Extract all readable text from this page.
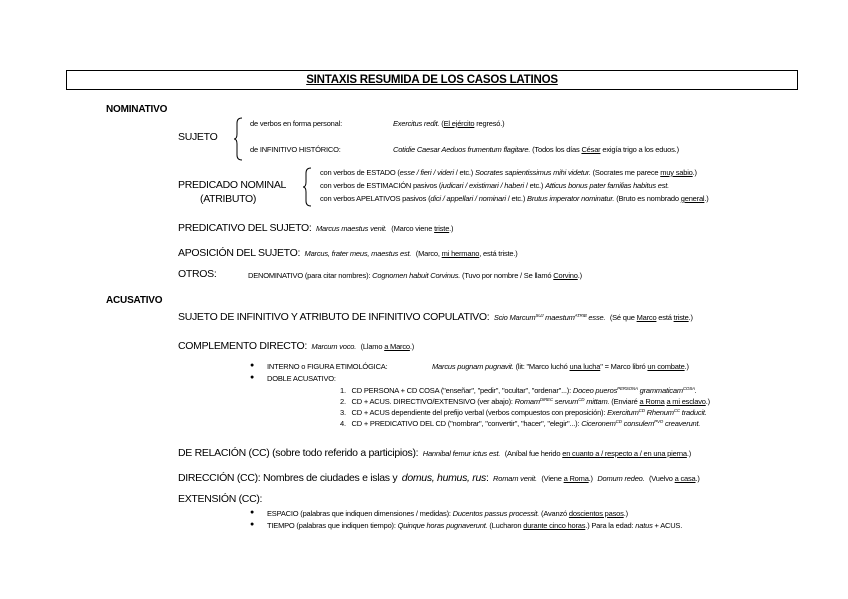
SINTAXIS RESUMIDA DE LOS CASOS LATINOS
NOMINATIVO
SUJETO
de verbos en forma personal:	Exercitus redit. (El ejército regresó.)
de INFINITIVO HISTÓRICO:	Cotidie Caesar Aeduos frumentum flagitare. (Todos los días César exigía trigo a los eduos.)
PREDICADO NOMINAL
(ATRIBUTO)
con verbos de ESTADO (esse / fieri / videri / etc.) Socrates sapientissimus mihi videtur. (Socrates me parece muy sabio.)
con verbos de ESTIMACIÓN pasivos (iudicari / existimari / haberi / etc.) Atticus bonus pater familias habitus est.
con verbos APELATIVOS pasivos (dici / appellari / nominari / etc.) Brutus imperator nominatur. (Bruto es nombrado general.)
PREDICATIVO DEL SUJETO: Marcus maestus venit. (Marco viene triste.)
APOSICIÓN DEL SUJETO: Marcus, frater meus, maestus est. (Marco, mi hermano, está triste.)
OTROS:	DENOMINATIVO (para citar nombres): Cognomen habuit Corvinus. (Tuvo por nombre / Se llamó Corvino.)
ACUSATIVO
SUJETO DE INFINITIVO Y ATRIBUTO DE INFINITIVO COPULATIVO: Scio Marcum$^{SUJ}$ maestum$^{ATRIB}$ esse. (Sé que Marco está triste.)
COMPLEMENTO DIRECTO: Marcum voco. (Llamo a Marco.)
● INTERNO o FIGURA ETIMOLÓGICA:	Marcus pugnam pugnavit. (lit: "Marco luchó una lucha" = Marco libró un combate.)
● DOBLE ACUSATIVO:
1. CD PERSONA + CD COSA ("enseñar", "pedir", "ocultar", "ordenar"...): Doceo pueros$^{PERSONA}$ grammaticam$^{COSA}$.
2. CD + ACUS. DIRECTIVO/EXTENSIVO (ver abajo): Romam$^{DIREC}$ servum$^{CD}$ mittam. (Enviaré a Roma a mi esclavo.)
3. CD + ACUS dependiente del prefijo verbal (verbos compuestos con preposición): Exercitum$^{CD}$ Rhenum$^{CC}$ traducit.
4. CD + PREDICATIVO DEL CD ("nombrar", "convertir", "hacer", "elegir"...): Ciceronem$^{CD}$ consulem$^{PVO}$ creaverunt.
DE RELACIÓN (CC) (sobre todo referido a participios): Hannibal femur ictus est. (Aníbal fue herido en cuanto a / respecto a / en una pierna.)
DIRECCIÓN (CC): Nombres de ciudades e islas y domus, humus, rus: Romam venit. (Viene a Roma.) Domum redeo. (Vuelvo a casa.)
EXTENSIÓN (CC):
● ESPACIO (palabras que indiquen dimensiones / medidas): Ducentos passus processit. (Avanzó doscientos pasos.)
● TIEMPO (palabras que indiquen tiempo): Quinque horas pugnaverunt. (Lucharon durante cinco horas.) Para la edad: natus + ACUS.
